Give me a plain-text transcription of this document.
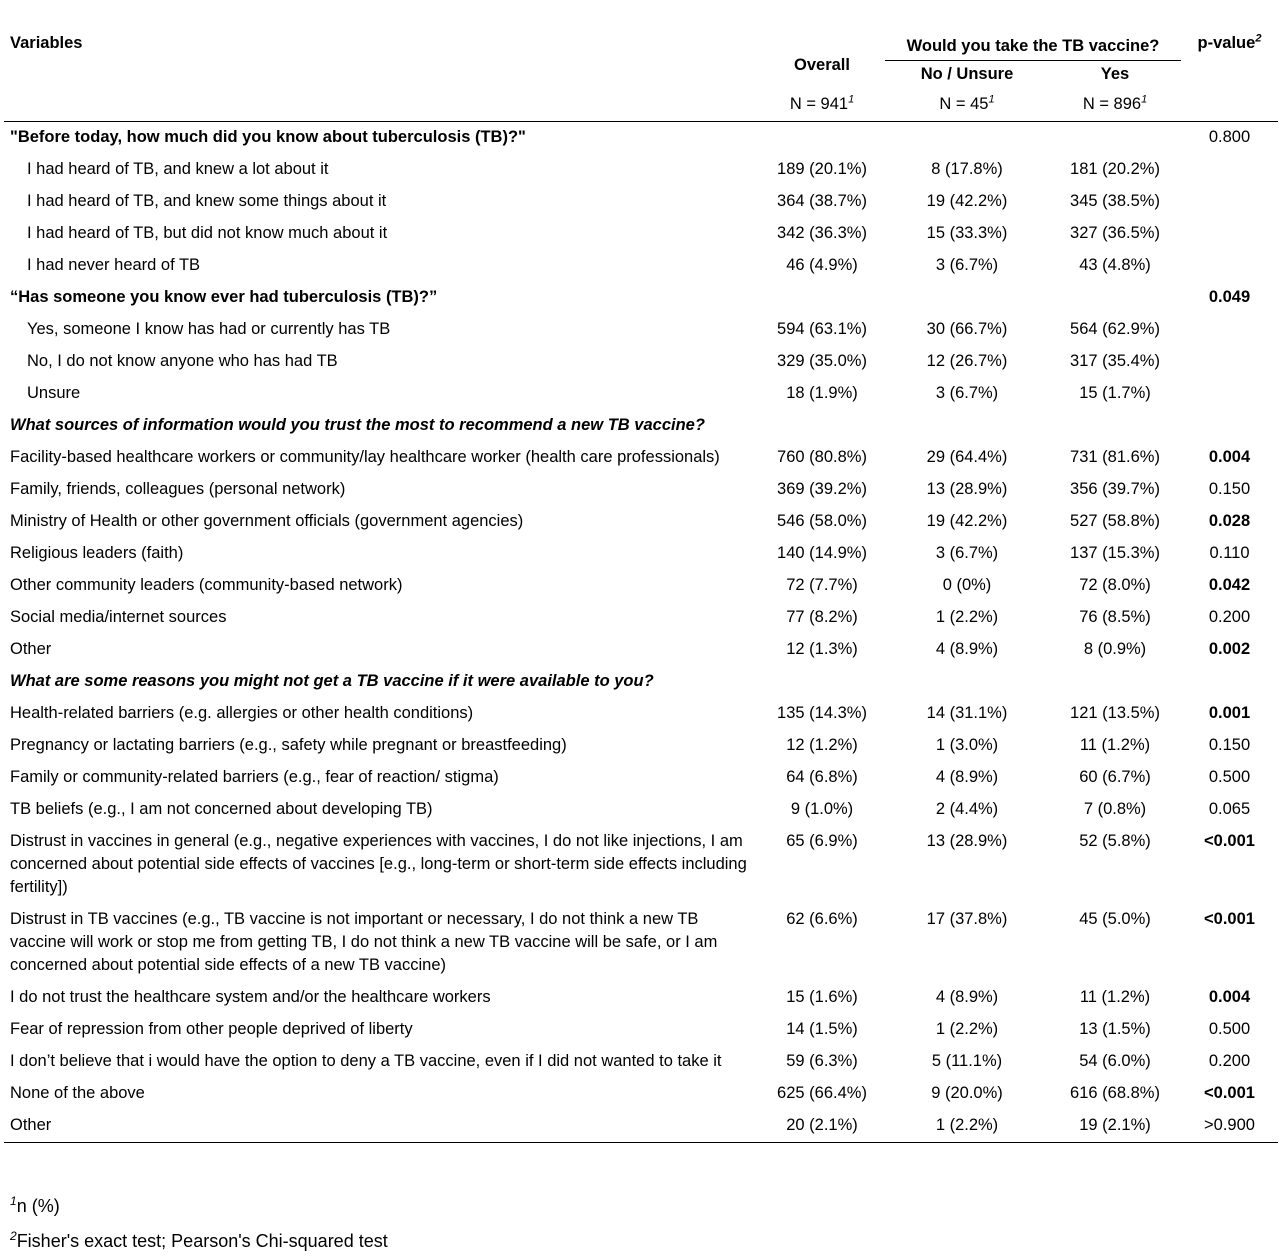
Variables	Overall	Would you take the TB vaccine?		p-value$^2$
		No / Unsure	Yes	
	$N = 941^1$	$N = 45^1$	$N = 896^1$	
"Before today, how much did you know about tuberculosis (TB)?"				0.800
I had heard of TB, and knew a lot about it	189 (20.1%)	8 (17.8%)	181 (20.2%)	
I had heard of TB, and knew some things about it	364 (38.7%)	19 (42.2%)	345 (38.5%)	
I had heard of TB, but did not know much about it	342 (36.3%)	15 (33.3%)	327 (36.5%)	
I had never heard of TB	46 (4.9%)	3 (6.7%)	43 (4.8%)	
“Has someone you know ever had tuberculosis (TB)?”				0.049
Yes, someone I know has had or currently has TB	594 (63.1%)	30 (66.7%)	564 (62.9%)	
No, I do not know anyone who has had TB	329 (35.0%)	12 (26.7%)	317 (35.4%)	
Unsure	18 (1.9%)	3 (6.7%)	15 (1.7%)	
What sources of information would you trust the most to recommend a new TB vaccine?				
Facility-based healthcare workers or community/lay healthcare worker (health care professionals)	760 (80.8%)	29 (64.4%)	731 (81.6%)	0.004
Family, friends, colleagues (personal network)	369 (39.2%)	13 (28.9%)	356 (39.7%)	0.150
Ministry of Health or other government officials (government agencies)	546 (58.0%)	19 (42.2%)	527 (58.8%)	0.028
Religious leaders (faith)	140 (14.9%)	3 (6.7%)	137 (15.3%)	0.110
Other community leaders (community-based network)	72 (7.7%)	0 (0%)	72 (8.0%)	0.042
Social media/internet sources	77 (8.2%)	1 (2.2%)	76 (8.5%)	0.200
Other	12 (1.3%)	4 (8.9%)	8 (0.9%)	0.002
What are some reasons you might not get a TB vaccine if it were available to you?				
Health-related barriers (e.g. allergies or other health conditions)	135 (14.3%)	14 (31.1%)	121 (13.5%)	0.001
Pregnancy or lactating barriers (e.g., safety while pregnant or breastfeeding)	12 (1.2%)	1 (3.0%)	11 (1.2%)	0.150
Family or community-related barriers (e.g., fear of reaction/ stigma)	64 (6.8%)	4 (8.9%)	60 (6.7%)	0.500
TB beliefs (e.g., I am not concerned about developing TB)	9 (1.0%)	2 (4.4%)	7 (0.8%)	0.065
Distrust in vaccines in general (e.g., negative experiences with vaccines, I do not like injections, I am concerned about potential side effects of vaccines [e.g., long-term or short-term side effects including fertility])	65 (6.9%)	13 (28.9%)	52 (5.8%)	<0.001
Distrust in TB vaccines (e.g., TB vaccine is not important or necessary, I do not think a new TB vaccine will work or stop me from getting TB, I do not think a new TB vaccine will be safe, or I am concerned about potential side effects of a new TB vaccine)	62 (6.6%)	17 (37.8%)	45 (5.0%)	<0.001
I do not trust the healthcare system and/or the healthcare workers	15 (1.6%)	4 (8.9%)	11 (1.2%)	0.004
Fear of repression from other people deprived of liberty	14 (1.5%)	1 (2.2%)	13 (1.5%)	0.500
I don’t believe that i would have the option to deny a TB vaccine, even if I did not wanted to take it	59 (6.3%)	5 (11.1%)	54 (6.0%)	0.200
None of the above	625 (66.4%)	9 (20.0%)	616 (68.8%)	<0.001
Other	20 (2.1%)	1 (2.2%)	19 (2.1%)	>0.900
$^1$n (%)
$^2$Fisher's exact test; Pearson's Chi-squared test
